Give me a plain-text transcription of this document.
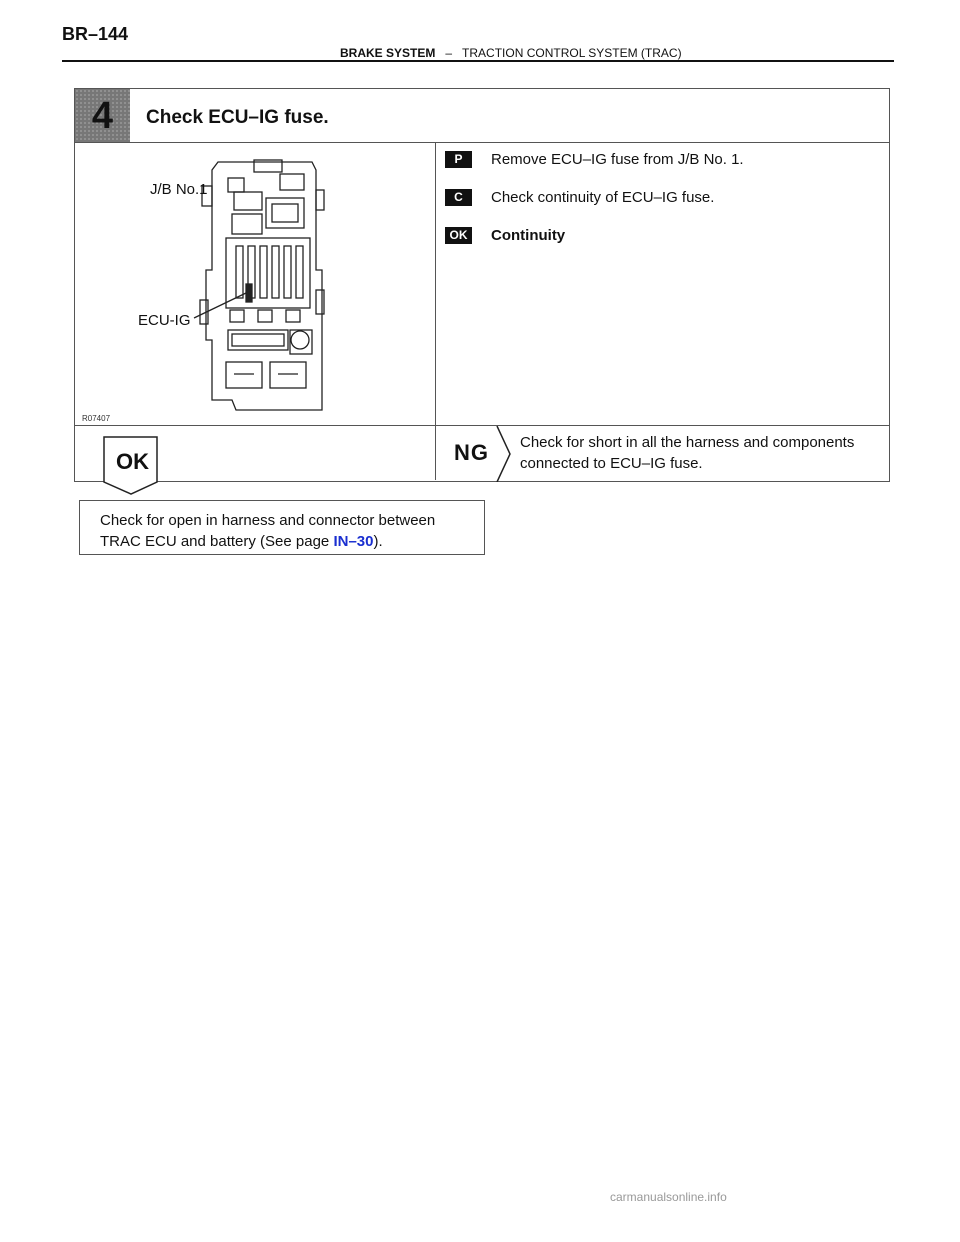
BR–144
BRAKE SYSTEM – TRACTION CONTROL SYSTEM (TRAC)
4	Check ECU–IG fuse.
J/B No.1
ECU-IG
R07407
P	Remove ECU–IG fuse from J/B No. 1.
C	Check continuity of ECU–IG fuse.
OK	Continuity
OK	NG Check for short in all the harness and components
connected to ECU–IG fuse.
Check for open in harness and connector between
TRAC ECU and battery (See page IN–30).
carmanualsonline.info
